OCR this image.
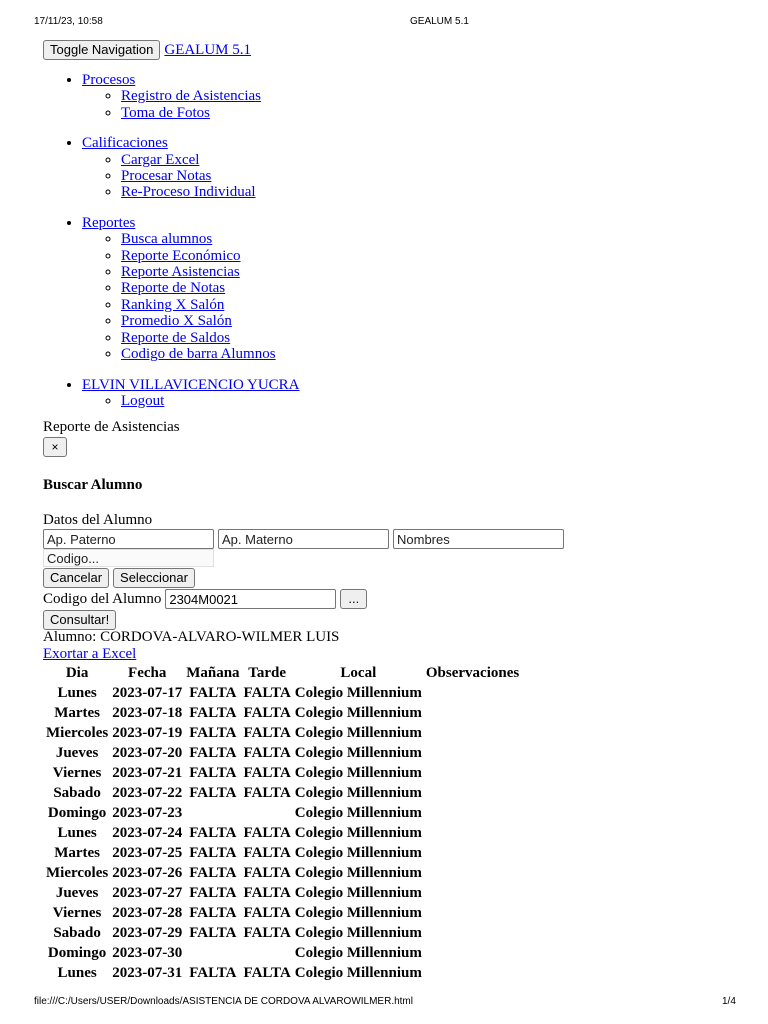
17/11/23, 10:58	GEALUM 5.1
Toggle Navigation GEALUM 5.1
• Procesos
◦ Registro de Asistencias
◦ Toma de Fotos
• Calificaciones
◦ Cargar Excel
◦ Procesar Notas
◦ Re-Proceso Individual
• Reportes
◦ Busca alumnos
◦ Reporte Económico
◦ Reporte Asistencias
◦ Reporte de Notas
◦ Ranking X Salón
◦ Promedio X Salón
◦ Reporte de Saldos
◦ Codigo de barra Alumnos
• ELVIN VILLAVICENCIO YUCRA
◦ Logout
Reporte de Asistencias
×
Buscar Alumno
Datos del Alumno
Ap. Paterno
Ap. Materno
Nombres
Codigo...
Cancelar	Seleccionar
Codigo del Alumno
2304M0021	...
Consultar!
Alumno: CORDOVA-ALVARO-WILMER LUIS
Exortar a Excel
Dia	Fecha	Mañana	Tarde	Local	Observaciones
Lunes	2023-07-17	FALTA	FALTA	Colegio Millennium	
Martes	2023-07-18	FALTA	FALTA	Colegio Millennium	
Miercoles	2023-07-19	FALTA	FALTA	Colegio Millennium	
Jueves	2023-07-20	FALTA	FALTA	Colegio Millennium	
Viernes	2023-07-21	FALTA	FALTA	Colegio Millennium	
Sabado	2023-07-22	FALTA	FALTA	Colegio Millennium	
Domingo	2023-07-23			Colegio Millennium	
Lunes	2023-07-24	FALTA	FALTA	Colegio Millennium	
Martes	2023-07-25	FALTA	FALTA	Colegio Millennium	
Miercoles	2023-07-26	FALTA	FALTA	Colegio Millennium	
Jueves	2023-07-27	FALTA	FALTA	Colegio Millennium	
Viernes	2023-07-28	FALTA	FALTA	Colegio Millennium	
Sabado	2023-07-29	FALTA	FALTA	Colegio Millennium	
Domingo	2023-07-30			Colegio Millennium	
Lunes	2023-07-31	FALTA	FALTA	Colegio Millennium	
file:///C:/Users/USER/Downloads/ASISTENCIA DE CORDOVA ALVAROWILMER.html	1/4
